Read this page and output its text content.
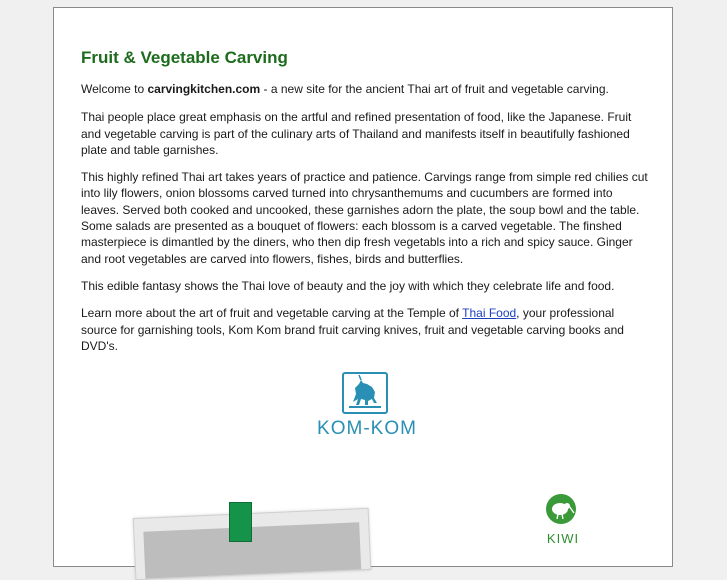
Fruit & Vegetable Carving

Welcome to carvingkitchen.com - a new site for the ancient Thai art of fruit and vegetable carving.

Thai people place great emphasis on the artful and refined presentation of food, like the Japanese. Fruit and vegetable carving is part of the culinary arts of Thailand and manifests itself in beautifully fashioned plate and table garnishes.

This highly refined Thai art takes years of practice and patience. Carvings range from simple red chilies cut into lily flowers, onion blossoms carved turned into chrysanthemums and cucumbers are formed into leaves. Served both cooked and uncooked, these garnishes adorn the plate, the soup bowl and the table. Some salads are presented as a bouquet of flowers: each blossom is a carved vegetable. The finshed masterpiece is dimantled by the diners, who then dip fresh vegetabls into a rich and spicy sauce. Ginger and root vegetables are carved into flowers, fishes, birds and butterflies.

This edible fantasy shows the Thai love of beauty and the joy with which they celebrate life and food.

Learn more about the art of fruit and vegetable carving at the Temple of Thai Food, your professional source for garnishing tools, Kom Kom brand fruit carving knives, fruit and vegetable carving books and DVD's.

KOM-KOM
KIWI
